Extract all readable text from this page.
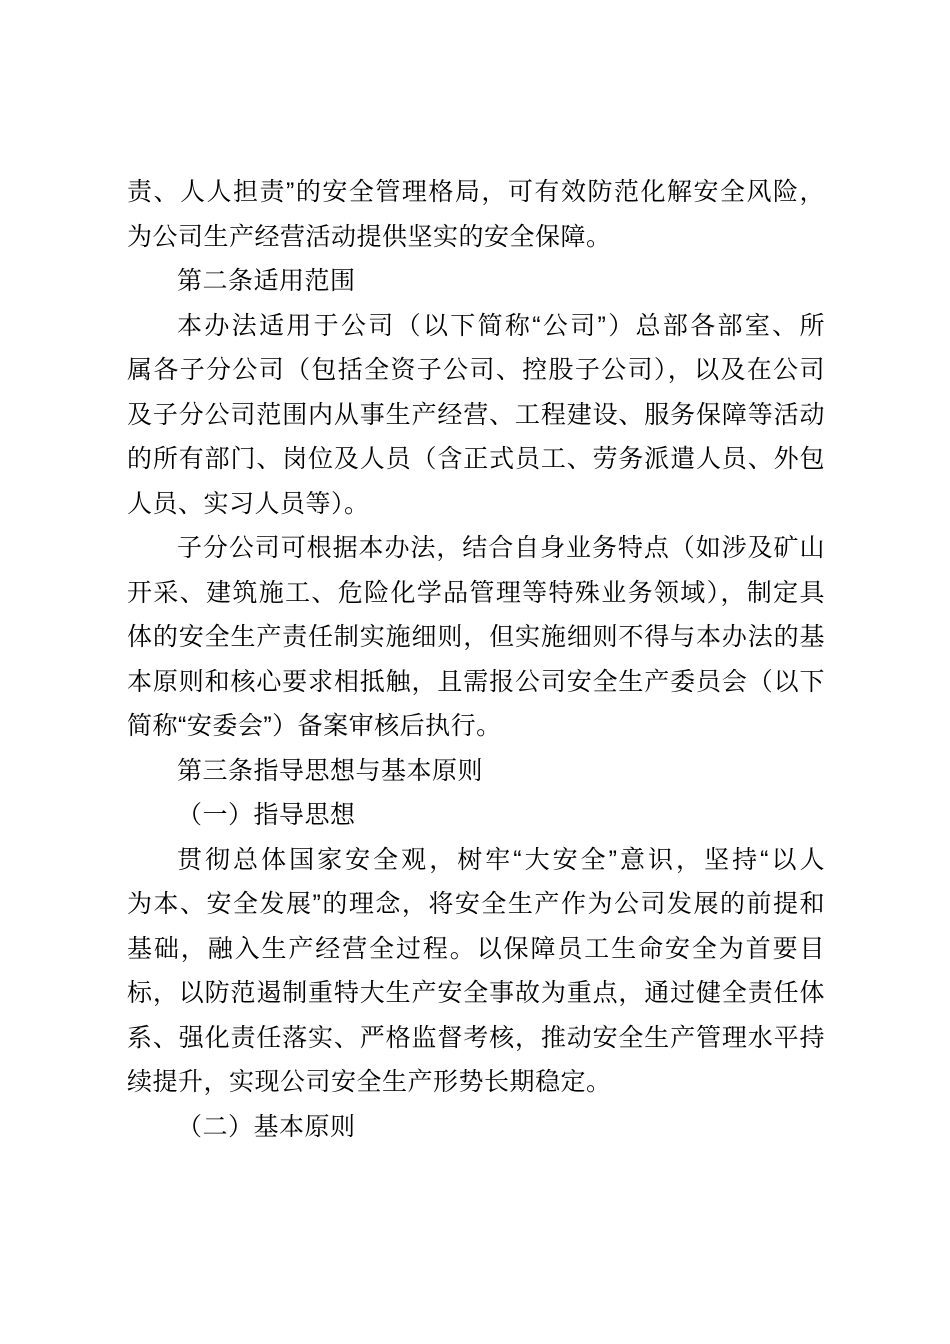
责、人人担责”的安全管理格局，可有效防范化解安全风险，
为公司生产经营活动提供坚实的安全保障。
第二条适用范围
本办法适用于公司（以下简称“公司”）总部各部室、所
属各子分公司（包括全资子公司、控股子公司），以及在公司
及子分公司范围内从事生产经营、工程建设、服务保障等活动
的所有部门、岗位及人员（含正式员工、劳务派遣人员、外包
人员、实习人员等）。
子分公司可根据本办法，结合自身业务特点（如涉及矿山
开采、建筑施工、危险化学品管理等特殊业务领域），制定具
体的安全生产责任制实施细则，但实施细则不得与本办法的基
本原则和核心要求相抵触，且需报公司安全生产委员会（以下
简称“安委会”）备案审核后执行。
第三条指导思想与基本原则
（一）指导思想
贯彻总体国家安全观，树牢“大安全”意识，坚持“以人
为本、安全发展”的理念，将安全生产作为公司发展的前提和
基础，融入生产经营全过程。以保障员工生命安全为首要目
标，以防范遏制重特大生产安全事故为重点，通过健全责任体
系、强化责任落实、严格监督考核，推动安全生产管理水平持
续提升，实现公司安全生产形势长期稳定。
（二）基本原则
